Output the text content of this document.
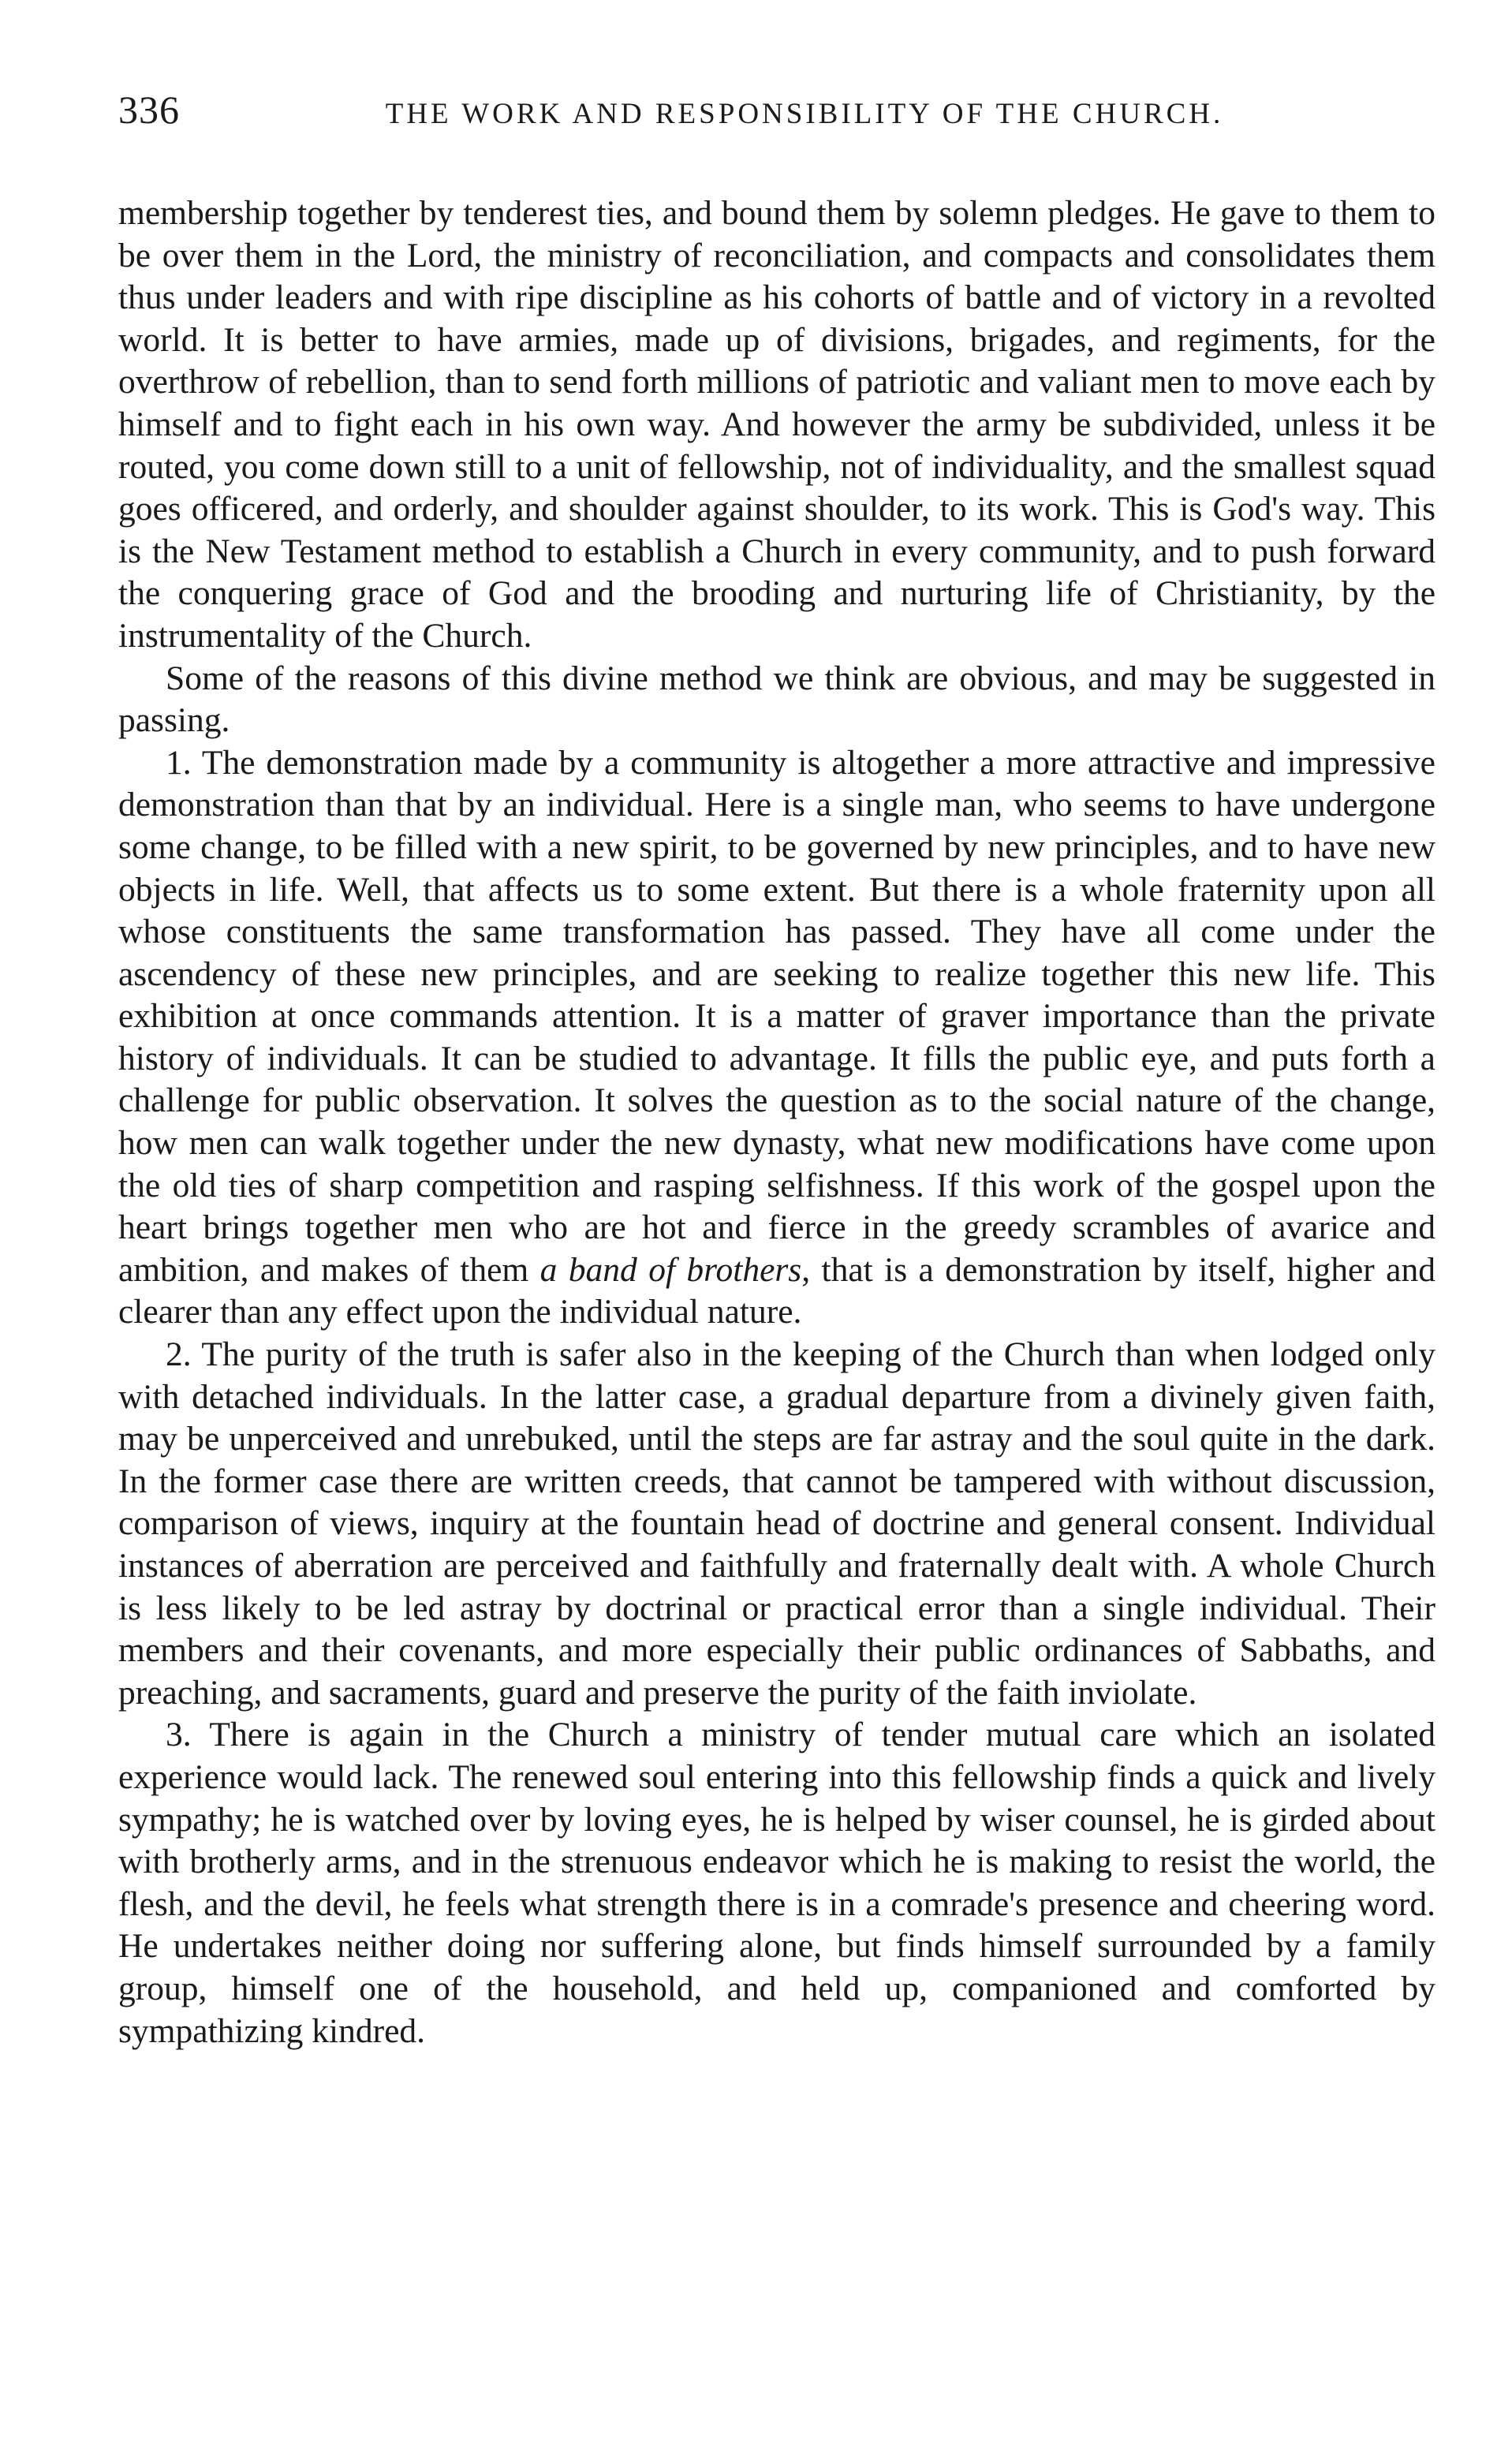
336	THE WORK AND RESPONSIBILITY OF THE CHURCH.

membership together by tenderest ties, and bound them by solemn pledges. He gave to them to be over them in the Lord, the ministry of reconciliation, and compacts and consolidates them thus under leaders and with ripe discipline as his cohorts of battle and of victory in a revolted world. It is better to have armies, made up of divisions, brigades, and regiments, for the overthrow of rebellion, than to send forth millions of patriotic and valiant men to move each by himself and to fight each in his own way. And however the army be subdivided, unless it be routed, you come down still to a unit of fellowship, not of individuality, and the smallest squad goes officered, and orderly, and shoulder against shoulder, to its work. This is God's way. This is the New Testament method to establish a Church in every community, and to push forward the conquering grace of God and the brooding and nurturing life of Christianity, by the instrumentality of the Church.

Some of the reasons of this divine method we think are obvious, and may be suggested in passing.

1. The demonstration made by a community is altogether a more attractive and impressive demonstration than that by an individual. Here is a single man, who seems to have undergone some change, to be filled with a new spirit, to be governed by new principles, and to have new objects in life. Well, that affects us to some extent. But there is a whole fraternity upon all whose constituents the same transformation has passed. They have all come under the ascendency of these new principles, and are seeking to realize together this new life. This exhibition at once commands attention. It is a matter of graver importance than the private history of individuals. It can be studied to advantage. It fills the public eye, and puts forth a challenge for public observation. It solves the question as to the social nature of the change, how men can walk together under the new dynasty, what new modifications have come upon the old ties of sharp competition and rasping selfishness. If this work of the gospel upon the heart brings together men who are hot and fierce in the greedy scrambles of avarice and ambition, and makes of them a band of brothers, that is a demonstration by itself, higher and clearer than any effect upon the individual nature.

2. The purity of the truth is safer also in the keeping of the Church than when lodged only with detached individuals. In the latter case, a gradual departure from a divinely given faith, may be unperceived and unrebuked, until the steps are far astray and the soul quite in the dark. In the former case there are written creeds, that cannot be tampered with without discussion, comparison of views, inquiry at the fountain head of doctrine and general consent. Individual instances of aberration are perceived and faithfully and fraternally dealt with. A whole Church is less likely to be led astray by doctrinal or practical error than a single individual. Their members and their covenants, and more especially their public ordinances of Sabbaths, and preaching, and sacraments, guard and preserve the purity of the faith inviolate.

3. There is again in the Church a ministry of tender mutual care which an isolated experience would lack. The renewed soul entering into this fellowship finds a quick and lively sympathy; he is watched over by loving eyes, he is helped by wiser counsel, he is girded about with brotherly arms, and in the strenuous endeavor which he is making to resist the world, the flesh, and the devil, he feels what strength there is in a comrade's presence and cheering word. He undertakes neither doing nor suffering alone, but finds himself surrounded by a family group, himself one of the household, and held up, companioned and comforted by sympathizing kindred.
